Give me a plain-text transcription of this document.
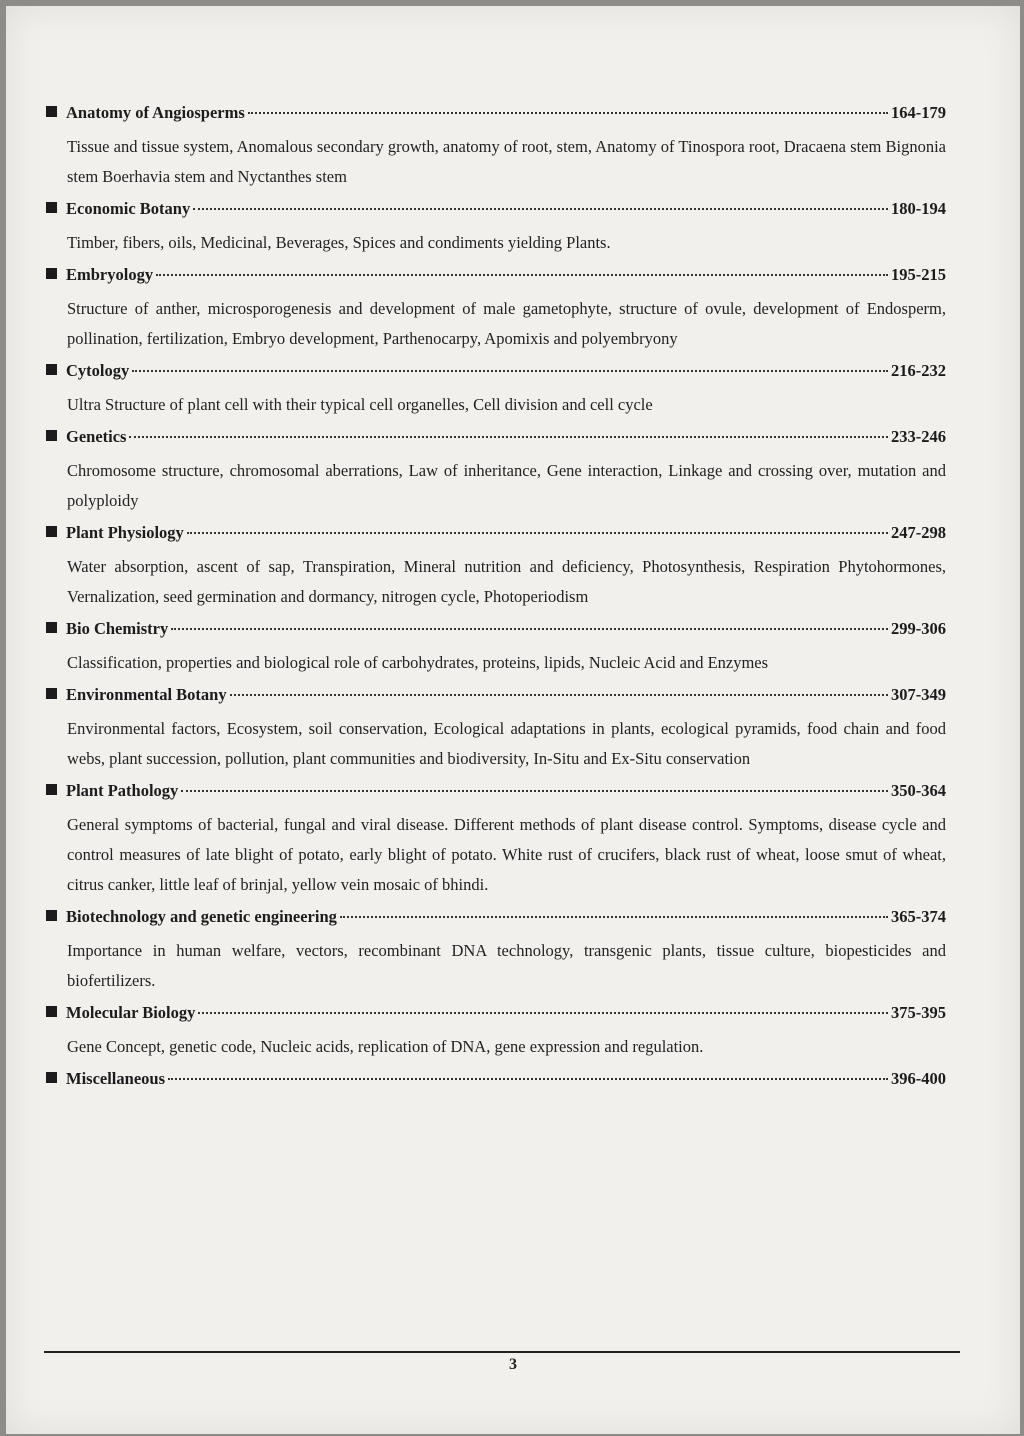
Anatomy of Angiosperms	164-179
Tissue and tissue system, Anomalous secondary growth, anatomy of root, stem, Anatomy of Tinospora root, Dracaena stem Bignonia stem Boerhavia stem and Nyctanthes stem
Economic Botany	180-194
Timber, fibers, oils, Medicinal, Beverages, Spices and condiments yielding Plants.
Embryology	195-215
Structure of anther, microsporogenesis and development of male gametophyte, structure of ovule, development of Endosperm, pollination, fertilization, Embryo development, Parthenocarpy, Apomixis and polyembryony
Cytology	216-232
Ultra Structure of plant cell with their typical cell organelles, Cell division and cell cycle
Genetics	233-246
Chromosome structure, chromosomal aberrations, Law of inheritance, Gene interaction, Linkage and crossing over, mutation and polyploidy
Plant Physiology	247-298
Water absorption, ascent of sap, Transpiration, Mineral nutrition and deficiency, Photosynthesis, Respiration Phytohormones, Vernalization, seed germination and dormancy, nitrogen cycle, Photoperiodism
Bio Chemistry	299-306
Classification, properties and biological role of carbohydrates, proteins, lipids, Nucleic Acid and Enzymes
Environmental Botany	307-349
Environmental factors, Ecosystem, soil conservation, Ecological adaptations in plants, ecological pyramids, food chain and food webs, plant succession, pollution, plant communities and biodiversity, In-Situ and Ex-Situ conservation
Plant Pathology	350-364
General symptoms of bacterial, fungal and viral disease. Different methods of plant disease control. Symptoms, disease cycle and control measures of late blight of potato, early blight of potato. White rust of crucifers, black rust of wheat, loose smut of wheat, citrus canker, little leaf of brinjal, yellow vein mosaic of bhindi.
Biotechnology and genetic engineering	365-374
Importance in human welfare, vectors, recombinant DNA technology, transgenic plants, tissue culture, biopesticides and biofertilizers.
Molecular Biology	375-395
Gene Concept, genetic code, Nucleic acids, replication of DNA, gene expression and regulation.
Miscellaneous	396-400
3
